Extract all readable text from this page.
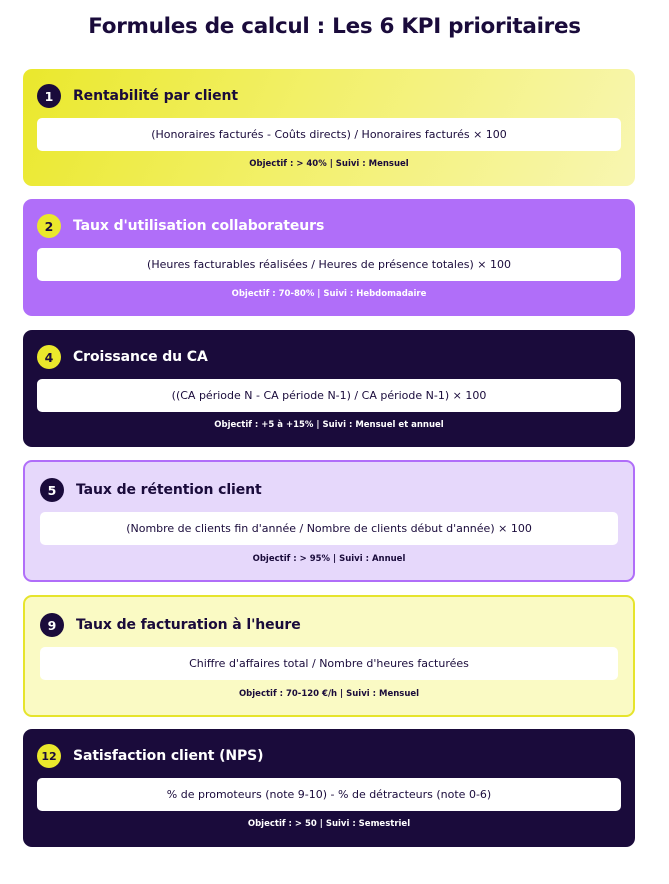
Formules de calcul : Les 6 KPI prioritaires
1	Rentabilité par client
(Honoraires facturés - Coûts directs) / Honoraires facturés × 100
Objectif : > 40% | Suivi : Mensuel
2	Taux d'utilisation collaborateurs
(Heures facturables réalisées / Heures de présence totales) × 100
Objectif : 70-80% | Suivi : Hebdomadaire
4	Croissance du CA
((CA période N - CA période N-1) / CA période N-1) × 100
Objectif : +5 à +15% | Suivi : Mensuel et annuel
5	Taux de rétention client
(Nombre de clients fin d'année / Nombre de clients début d'année) × 100
Objectif : > 95% | Suivi : Annuel
9	Taux de facturation à l'heure
Chiffre d'affaires total / Nombre d'heures facturées
Objectif : 70-120 €/h | Suivi : Mensuel
12	Satisfaction client (NPS)
% de promoteurs (note 9-10) - % de détracteurs (note 0-6)
Objectif : > 50 | Suivi : Semestriel
